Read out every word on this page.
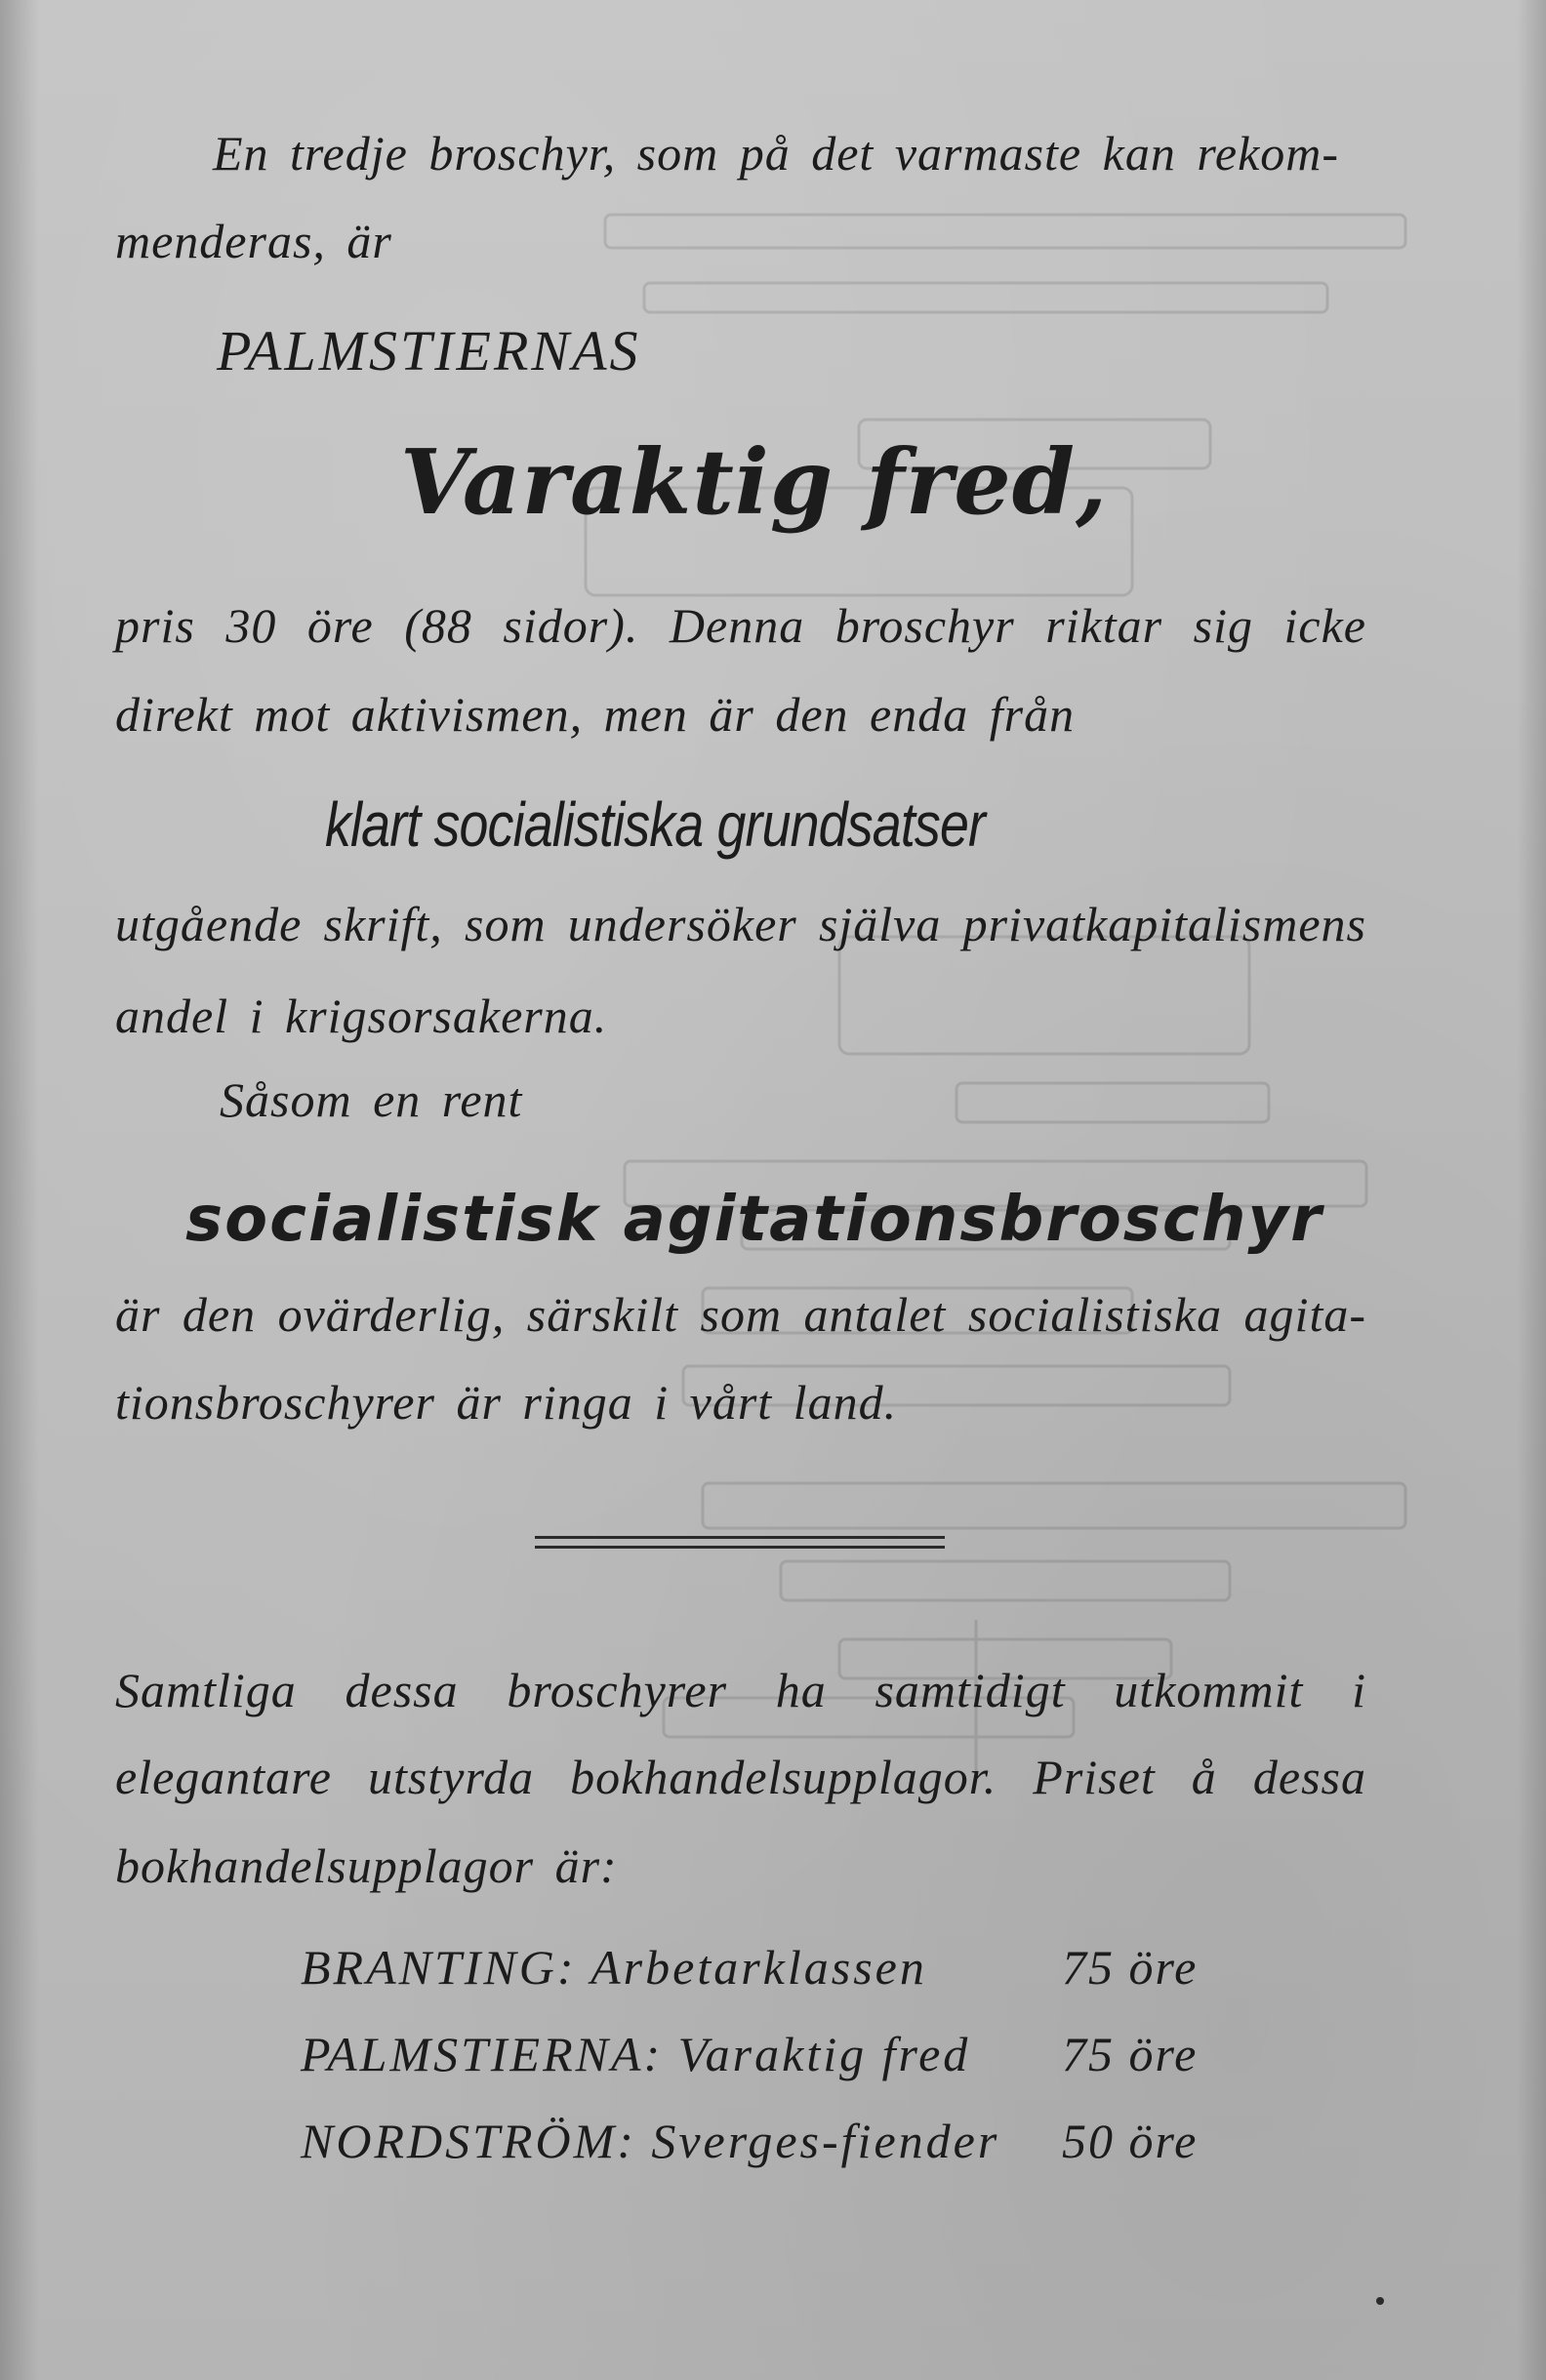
En tredje broschyr, som på det varmaste kan rekom-
menderas, är
PALMSTIERNAS
Varaktig fred,
pris 30 öre (88 sidor). Denna broschyr riktar sig icke
direkt mot aktivismen, men är den enda från
klart socialistiska grundsatser
utgående skrift, som undersöker själva privatkapitalismens
andel i krigsorsakerna.
Såsom en rent
socialistisk agitationsbroschyr
är den ovärderlig, särskilt som antalet socialistiska agita-
tionsbroschyrer är ringa i vårt land.
Samtliga dessa broschyrer ha samtidigt utkommit i
elegantare utstyrda bokhandelsupplagor. Priset å dessa
bokhandelsupplagor är:
BRANTING: Arbetarklassen	75 öre
PALMSTIERNA: Varaktig fred 75 öre
NORDSTRÖM: Sverges-fiender 50 öre
